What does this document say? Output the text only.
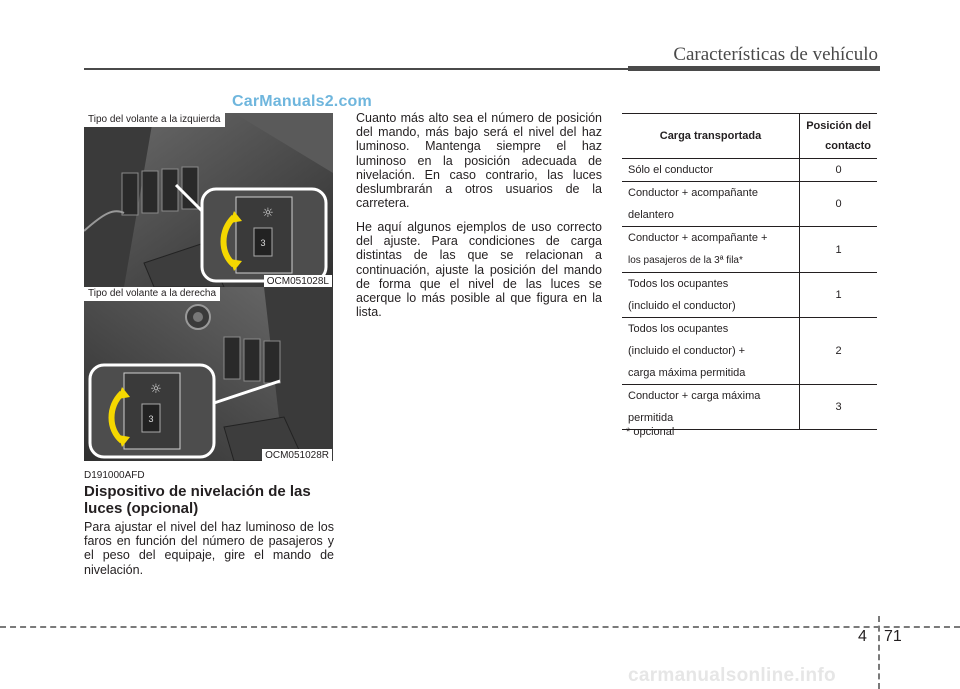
Características de vehículo
CarManuals2.com
3
☼
Tipo del volante a la izquierda
OCM051028L
3
☼
Tipo del volante a la derecha
OCM051028R
D191000AFD
Dispositivo de nivelación de las luces (opcional)
Para ajustar el nivel del haz luminoso de los faros en función del número de pasajeros y el peso del equipaje, gire el mando de nivelación.
Cuanto más alto sea el número de posición del mando, más bajo será el nivel del haz luminoso. Mantenga siempre el haz luminoso en la posición adecuada de nivelación. En caso contrario, las luces deslumbrarán a otros usuarios de la carretera.
He aquí algunos ejemplos de uso correcto del ajuste. Para condiciones de carga distintas de las que se relacionan a continuación, ajuste la posición del mando de forma que el nivel de las luces se acerque lo más posible al que figura en la lista.
Carga transportada	Posición del
contacto
Sólo el conductor	0
Conductor + acompañante
delantero	0
Conductor + acompañante +
los pasajeros de la 3ª fila*	1
Todos los ocupantes
(incluido el conductor)	1
Todos los ocupantes
(incluido el conductor) +
carga máxima permitida	2
Conductor + carga máxima
permitida	3
* opcional
4 71
carmanualsonline.info
